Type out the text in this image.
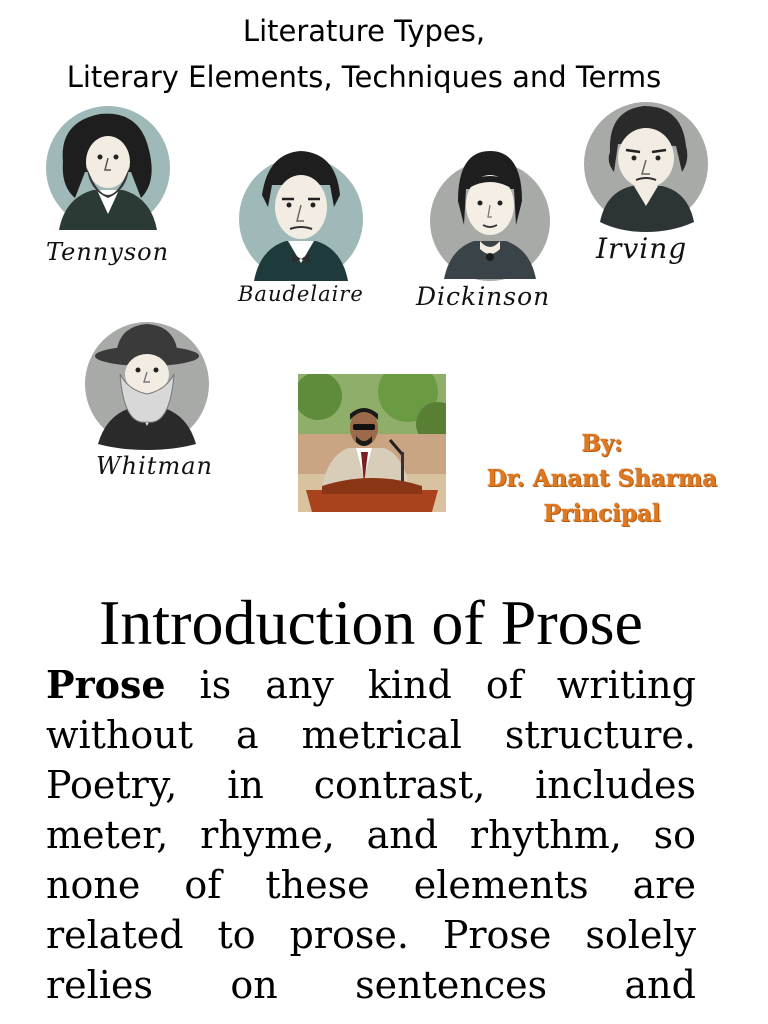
Literature Types,
Literary Elements, Techniques and Terms
Tennyson
Baudelaire Dickinson
Irving
Whitman
By:
Dr. Anant Sharma
Principal
Introduction of Prose
Prose is any kind of writing
without a metrical structure.
Poetry, in contrast, includes
meter, rhyme, and rhythm, so
none of these elements are
related to prose. Prose solely
relies on sentences and
